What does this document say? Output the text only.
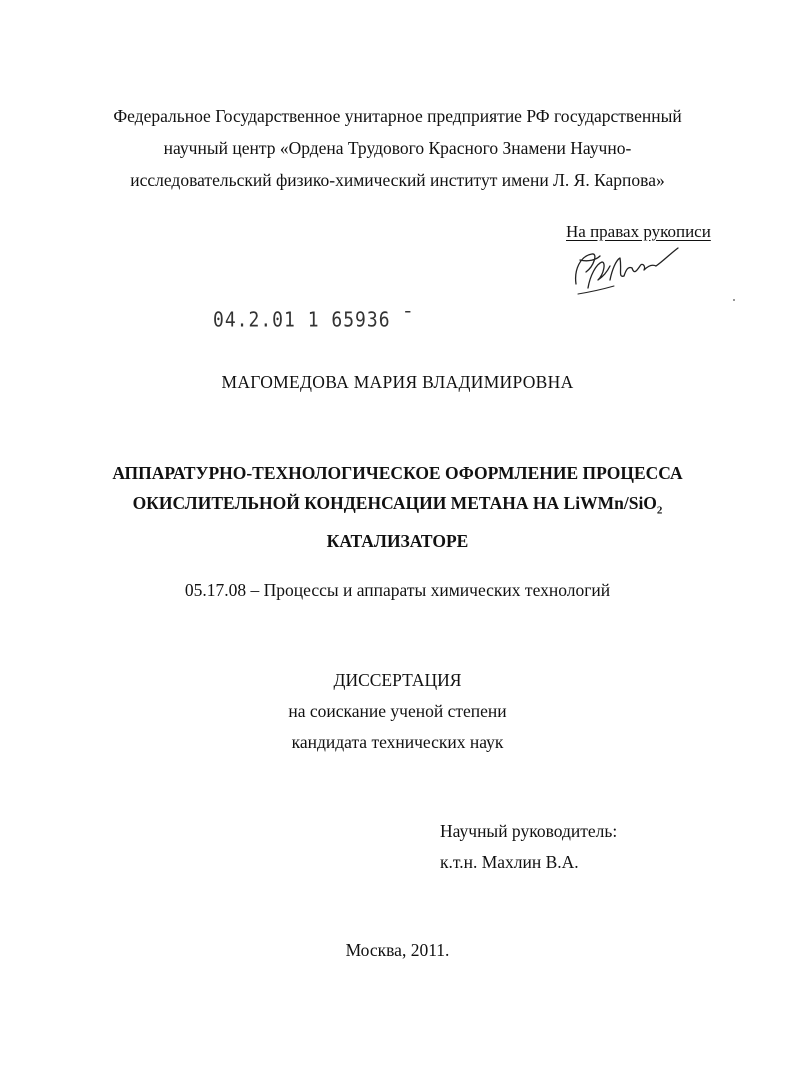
Федеральное Государственное унитарное предприятие РФ государственный
научный центр «Ордена Трудового Красного Знамени Научно-
исследовательский физико-химический институт имени Л. Я. Карпова»
На правах рукописи
04.2.01 1 65936 ˉ
МАГОМЕДОВА МАРИЯ ВЛАДИМИРОВНА
АППАРАТУРНО-ТЕХНОЛОГИЧЕСКОЕ ОФОРМЛЕНИЕ ПРОЦЕССА
ОКИСЛИТЕЛЬНОЙ КОНДЕНСАЦИИ МЕТАНА НА LiWMn/SiO$_2$
КАТАЛИЗАТОРЕ
05.17.08 – Процессы и аппараты химических технологий
ДИССЕРТАЦИЯ
на соискание ученой степени
кандидата технических наук
Научный руководитель:
к.т.н. Махлин В.А.
Москва, 2011.
